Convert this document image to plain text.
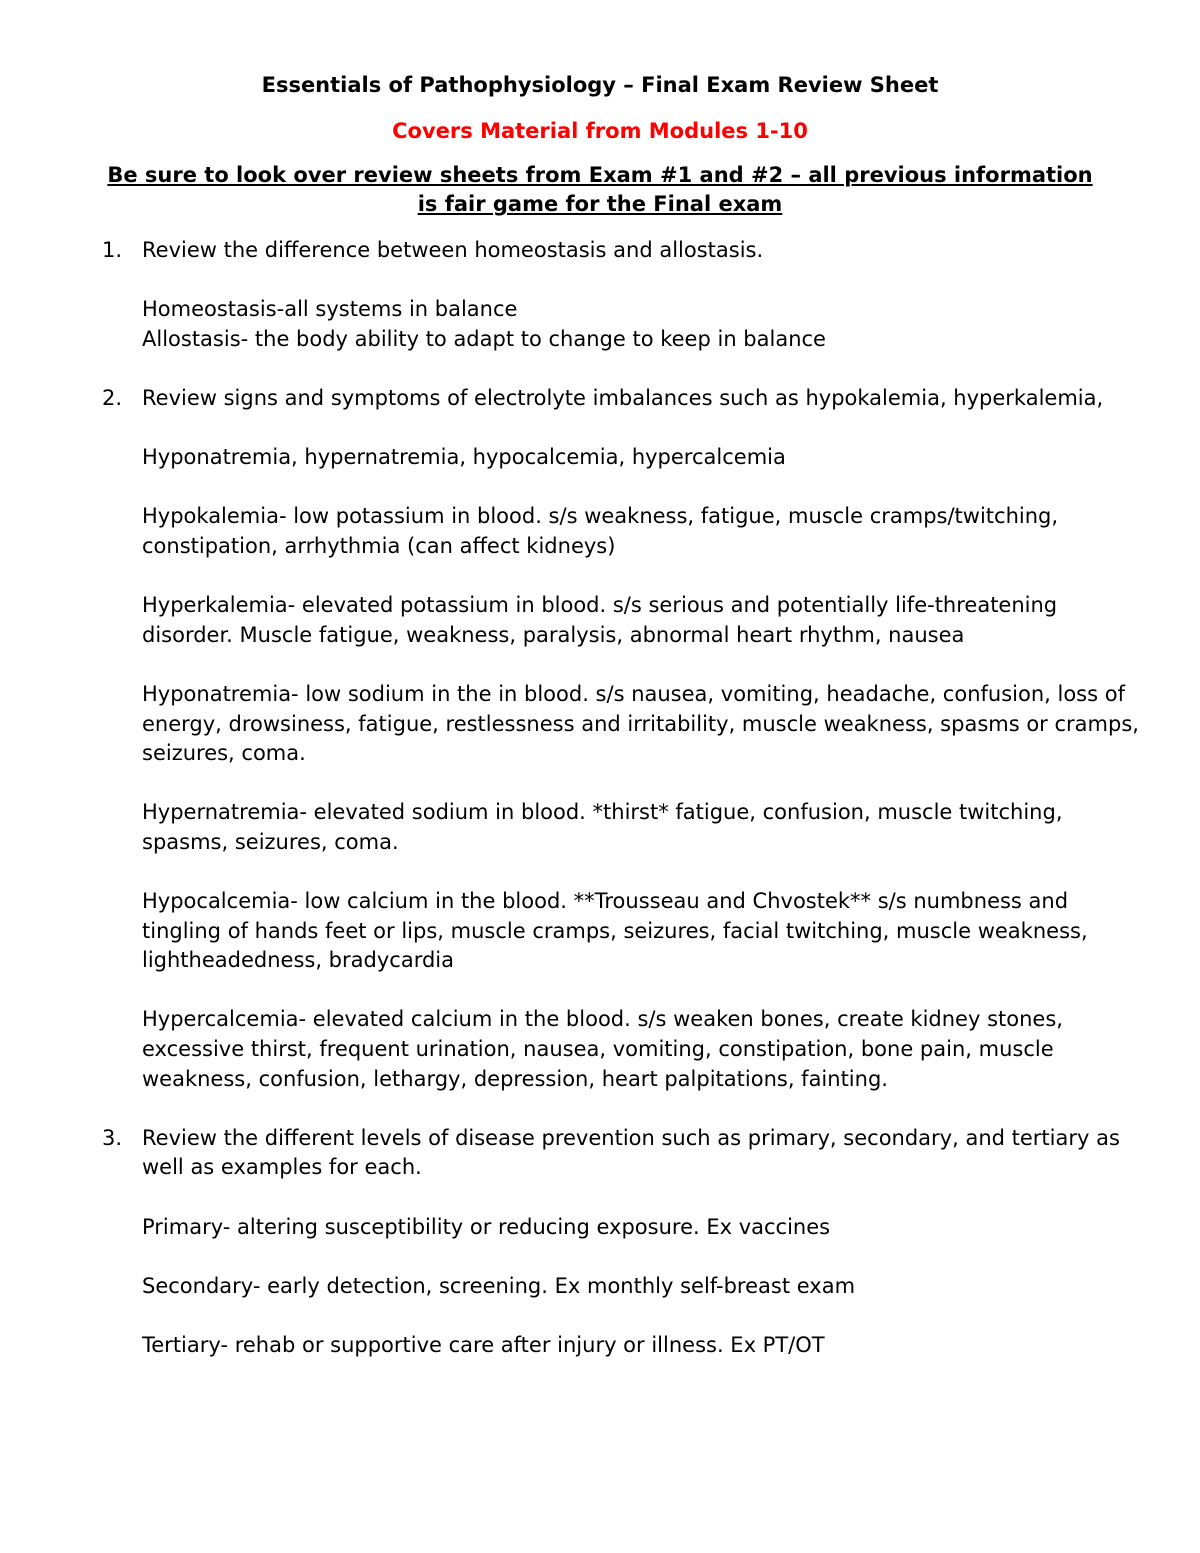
Essentials of Pathophysiology – Final Exam Review Sheet
Covers Material from Modules 1-10
Be sure to look over review sheets from Exam #1 and #2 – all previous information is fair game for the Final exam
1. Review the difference between homeostasis and allostasis.
Homeostasis-all systems in balance
Allostasis- the body ability to adapt to change to keep in balance
2. Review signs and symptoms of electrolyte imbalances such as hypokalemia, hyperkalemia,
Hyponatremia, hypernatremia, hypocalcemia, hypercalcemia
Hypokalemia- low potassium in blood. s/s weakness, fatigue, muscle cramps/twitching, constipation, arrhythmia (can affect kidneys)
Hyperkalemia- elevated potassium in blood. s/s serious and potentially life-threatening disorder. Muscle fatigue, weakness, paralysis, abnormal heart rhythm, nausea
Hyponatremia- low sodium in the in blood. s/s nausea, vomiting, headache, confusion, loss of energy, drowsiness, fatigue, restlessness and irritability, muscle weakness, spasms or cramps, seizures, coma.
Hypernatremia- elevated sodium in blood. *thirst* fatigue, confusion, muscle twitching, spasms, seizures, coma.
Hypocalcemia- low calcium in the blood. **Trousseau and Chvostek** s/s numbness and tingling of hands feet or lips, muscle cramps, seizures, facial twitching, muscle weakness, lightheadedness, bradycardia
Hypercalcemia- elevated calcium in the blood. s/s weaken bones, create kidney stones, excessive thirst, frequent urination, nausea, vomiting, constipation, bone pain, muscle weakness, confusion, lethargy, depression, heart palpitations, fainting.
3. Review the different levels of disease prevention such as primary, secondary, and tertiary as well as examples for each.
Primary- altering susceptibility or reducing exposure. Ex vaccines
Secondary- early detection, screening. Ex monthly self-breast exam
Tertiary- rehab or supportive care after injury or illness. Ex PT/OT
